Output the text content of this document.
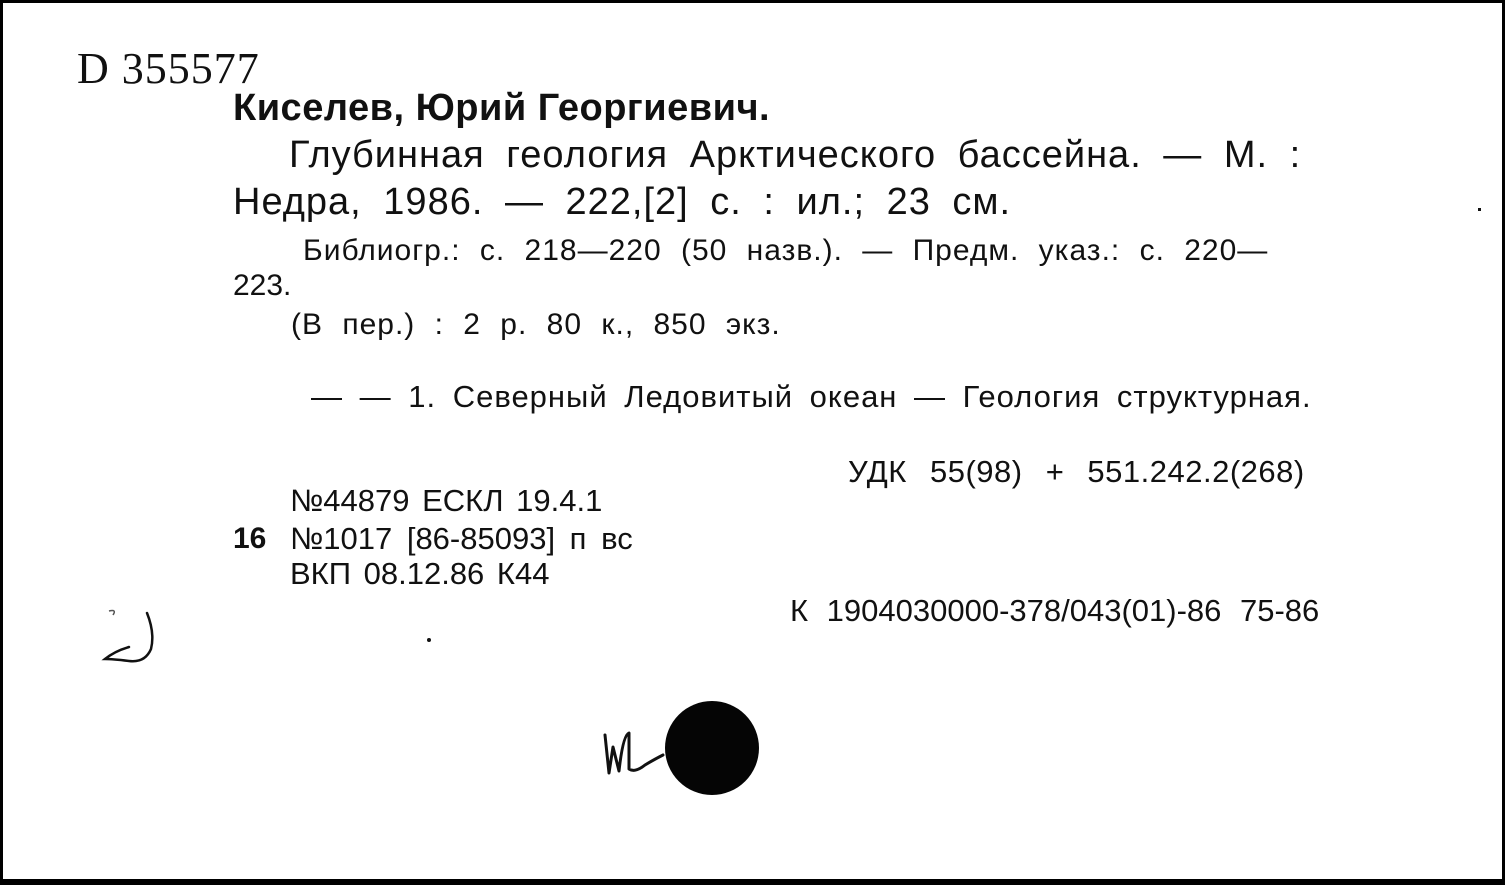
D 355577
Киселев, Юрий Георгиевич.
Глубинная геология Арктического бассейна. — М. :
Недра, 1986. — 222,[2] с. : ил.; 23 см.
Библиогр.: с. 218—220 (50 назв.). — Предм. указ.: с. 220—
223.
(В пер.) : 2 р. 80 к., 850 экз.
— — 1. Северный Ледовитый океан — Геология структурная.
УДК 55(98) + 551.242.2(268)
№44879 ЕСКЛ 19.4.1
16 №1017 [86-85093] п вс
ВКП 08.12.86 К44
К 1904030000-378/043(01)-86 75-86
